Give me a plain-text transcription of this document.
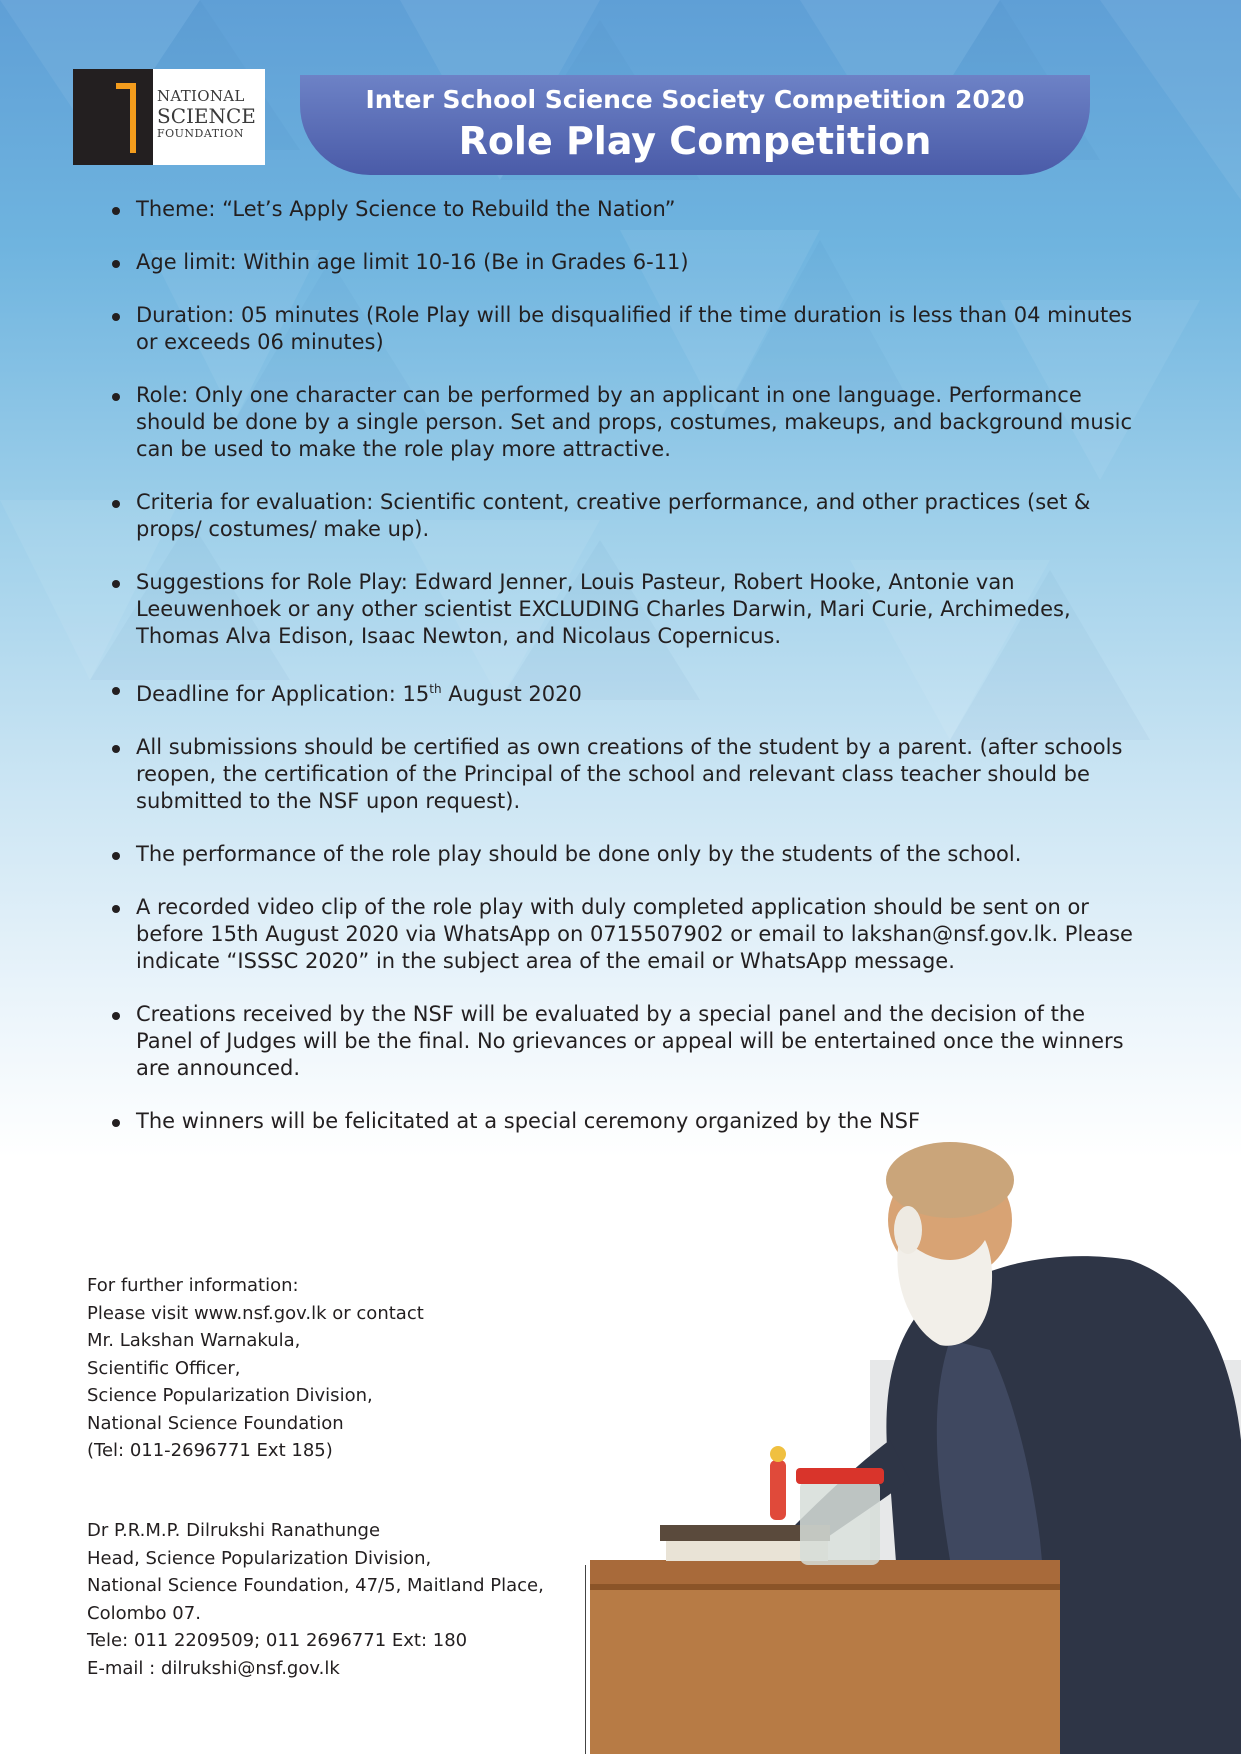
NATIONAL
SCIENCE
FOUNDATION
Inter School Science Society Competition 2020
Role Play Competition
Theme: “Let’s Apply Science to Rebuild the Nation”
Age limit: Within age limit 10-16 (Be in Grades 6-11)
Duration: 05 minutes (Role Play will be disqualified if the time duration is less than 04 minutes or exceeds 06 minutes)
Role: Only one character can be performed by an applicant in one language. Performance should be done by a single person. Set and props, costumes, makeups, and background music can be used to make the role play more attractive.
Criteria for evaluation: Scientific content, creative performance, and other practices (set & props/ costumes/ make up).
Suggestions for Role Play: Edward Jenner, Louis Pasteur, Robert Hooke, Antonie van Leeuwenhoek or any other scientist EXCLUDING Charles Darwin, Mari Curie, Archimedes, Thomas Alva Edison, Isaac Newton, and Nicolaus Copernicus.
Deadline for Application: 15th August 2020
All submissions should be certified as own creations of the student by a parent. (after schools reopen, the certification of the Principal of the school and relevant class teacher should be submitted to the NSF upon request).
The performance of the role play should be done only by the students of the school.
A recorded video clip of the role play with duly completed application should be sent on or before 15th August 2020 via WhatsApp on 0715507902 or email to lakshan@nsf.gov.lk. Please indicate “ISSSC 2020” in the subject area of the email or WhatsApp message.
Creations received by the NSF will be evaluated by a special panel and the decision of the Panel of Judges will be the final. No grievances or appeal will be entertained once the winners are announced.
The winners will be felicitated at a special ceremony organized by the NSF
For further information:
Please visit www.nsf.gov.lk or contact
Mr. Lakshan Warnakula,
Scientific Officer,
Science Popularization Division,
National Science Foundation
(Tel: 011-2696771 Ext 185)
Dr P.R.M.P. Dilrukshi Ranathunge
Head, Science Popularization Division,
National Science Foundation, 47/5, Maitland Place,
Colombo 07.
Tele: 011 2209509; 011 2696771 Ext: 180
E-mail : dilrukshi@nsf.gov.lk
